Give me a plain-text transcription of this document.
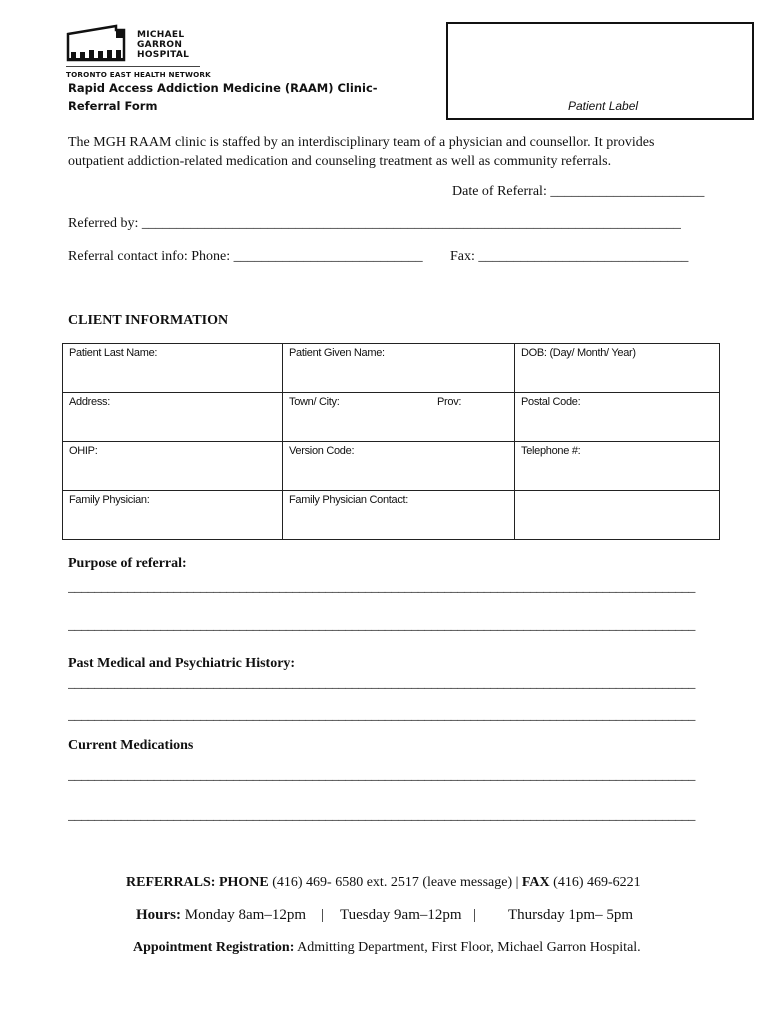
MICHAEL
GARRON
HOSPITAL
TORONTO EAST HEALTH NETWORK
Rapid Access Addiction Medicine (RAAM) Clinic-
Referral Form	Patient Label
The MGH RAAM clinic is staffed by an interdisciplinary team of a physician and counsellor. It provides
outpatient addiction-related medication and counseling treatment as well as community referrals.
Date of Referral: ______________________
Referred by: _____________________________________________________________________________
Referral contact info: Phone: ___________________________ Fax: ______________________________
CLIENT INFORMATION
Patient Last Name:	Patient Given Name:	DOB: (Day/ Month/ Year)
Address:	Town/ City: Prov:	Postal Code:
OHIP:	Version Code:	Telephone #:
Family Physician:	Family Physician Contact:	
Purpose of referral:
_______________________________________________________________________________________________
_______________________________________________________________________________________________
Past Medical and Psychiatric History:
_______________________________________________________________________________________________
_______________________________________________________________________________________________
Current Medications
_______________________________________________________________________________________________
_______________________________________________________________________________________________
REFERRALS: PHONE (416) 469- 6580 ext. 2517 (leave message) | FAX (416) 469-6221
Hours: Monday 8am–12pm | Tuesday 9am–12pm | Thursday 1pm– 5pm
Appointment Registration: Admitting Department, First Floor, Michael Garron Hospital.
